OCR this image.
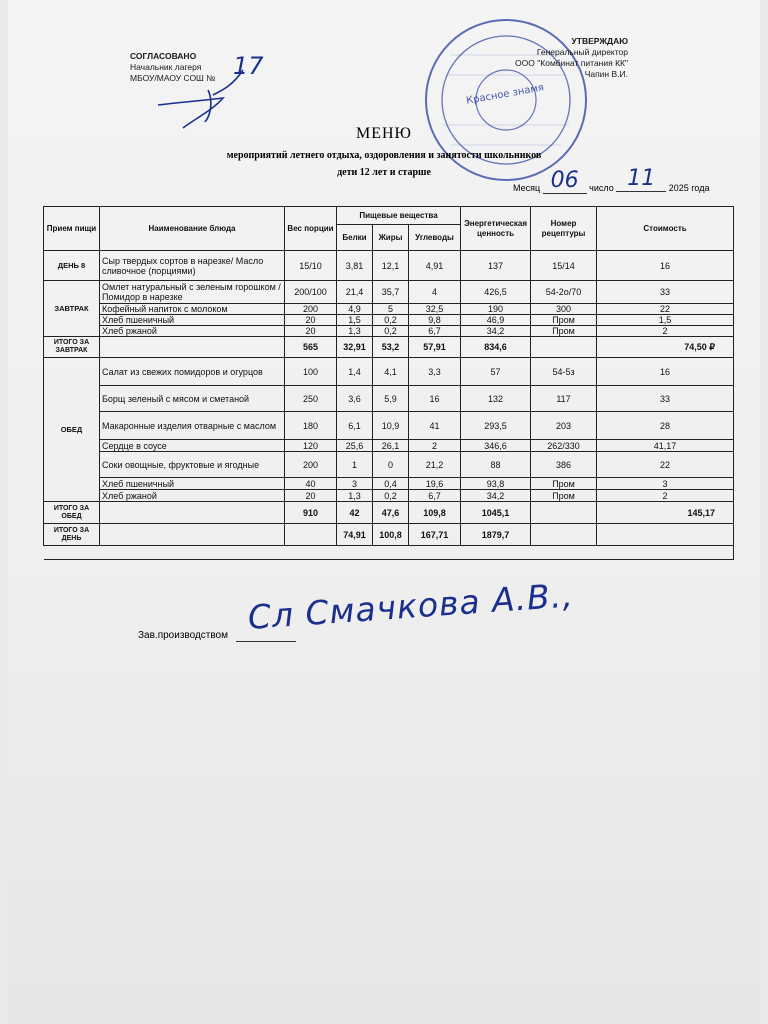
СОГЛАСОВАНО
Начальник лагеря
МБОУ/МАОУ СОШ № 17
Красное знамя
УТВЕРЖДАЮ
Генеральный директор
ООО "Комбинат питания КК"
Чапин В.И.
МЕНЮ
мероприятий летнего отдыха, оздоровления и занятости школьников
дети 12 лет и старше
Месяц 06 число 11 2025 года
Прием пищи	Наименование блюда	Вес порции	Пищевые вещества			Энергетическая ценность	Номер рецептуры	Стоимость
			Белки	Жиры	Углеводы			
ДЕНЬ 8	Сыр твердых сортов в нарезке/ Масло сливочное (порциями)	15/10	3,81	12,1	4,91	137	15/14	16
ЗАВТРАК	Омлет натуральный с зеленым горошком /Помидор в нарезке	200/100	21,4	35,7	4	426,5	54-2о/70	33
	Кофейный напиток с молоком	200	4,9	5	32,5	190	300	22
	Хлеб пшеничный	20	1,5	0,2	9,8	46,9	Пром	1,5
	Хлеб ржаной	20	1,3	0,2	6,7	34,2	Пром	2
ИТОГО ЗА ЗАВТРАК		565	32,91	53,2	57,91	834,6		74,50 ₽
ОБЕД	Салат из свежих помидоров и огурцов	100	1,4	4,1	3,3	57	54-5з	16
	Борщ зеленый с мясом и сметаной	250	3,6	5,9	16	132	117	33
	Макаронные изделия отварные с маслом	180	6,1	10,9	41	293,5	203	28
	Сердце в соусе	120	25,6	26,1	2	346,6	262/330	41,17
	Соки овощные, фруктовые и ягодные	200	1	0	21,2	88	386	22
	Хлеб пшеничный	40	3	0,4	19,6	93,8	Пром	3
	Хлеб ржаной	20	1,3	0,2	6,7	34,2	Пром	2
ИТОГО ЗА ОБЕД		910	42	47,6	109,8	1045,1		145,17
ИТОГО ЗА ДЕНЬ			74,91	100,8	167,71	1879,7		

Зав.производством Сл Смачкова А.В.,
